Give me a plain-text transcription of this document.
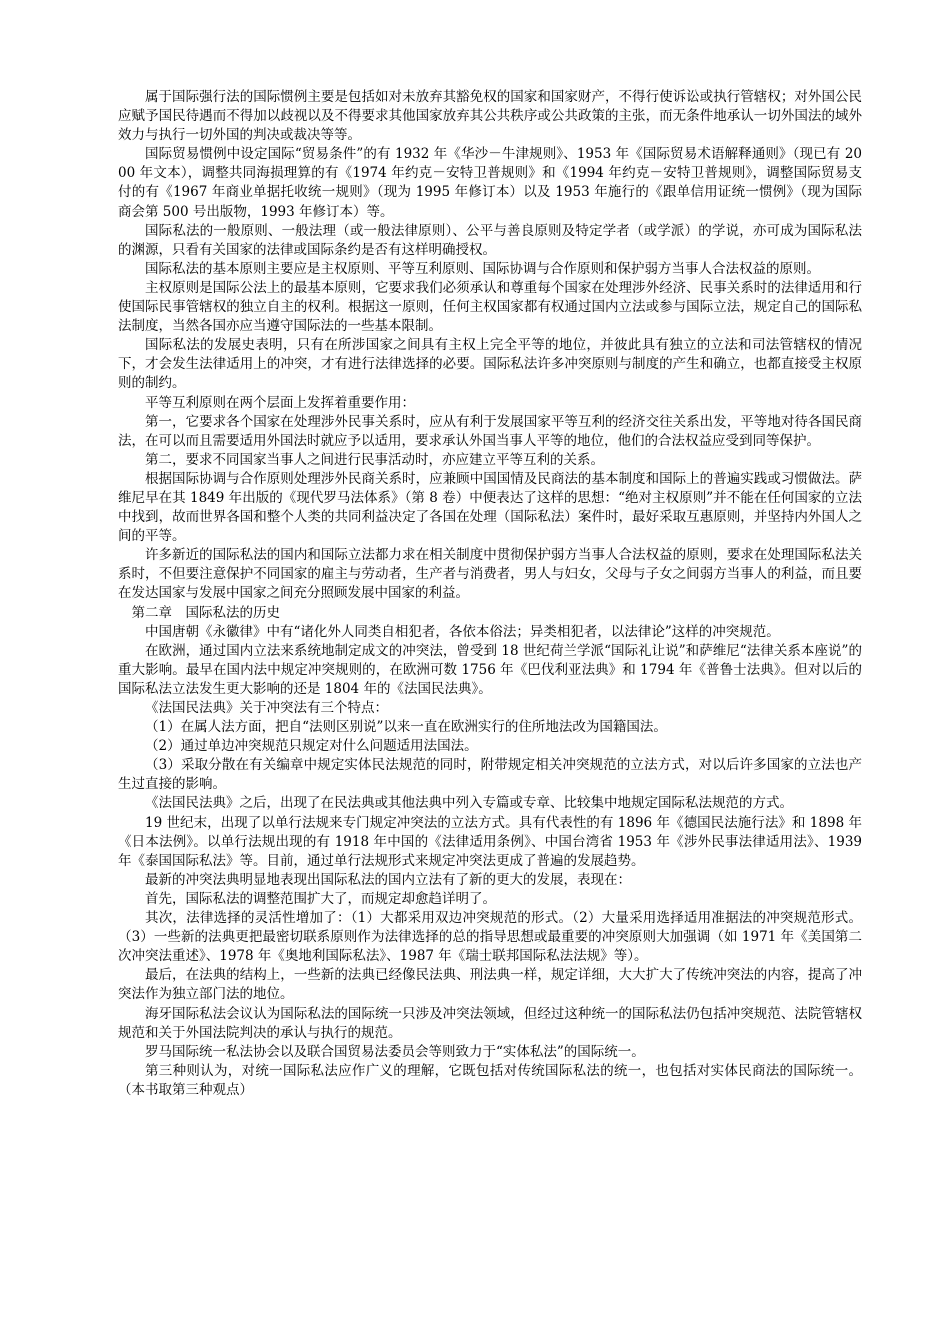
属于国际强行法的国际惯例主要是包括如对未放弃其豁免权的国家和国家财产，不得行使诉讼或执行管辖权；对外国公民应赋予国民待遇而不得加以歧视以及不得要求其他国家放弃其公共秩序或公共政策的主张，而无条件地承认一切外国法的域外效力与执行一切外国的判决或裁决等等。

国际贸易惯例中设定国际“贸易条件”的有 1932 年《华沙－牛津规则》、1953 年《国际贸易术语解释通则》（现已有 2000 年文本），调整共同海损理算的有《1974 年约克－安特卫普规则》和《1994 年约克－安特卫普规则》，调整国际贸易支付的有《1967 年商业单据托收统一规则》（现为 1995 年修订本）以及 1953 年施行的《跟单信用证统一惯例》（现为国际商会第 500 号出版物，1993 年修订本）等。

国际私法的一般原则、一般法理（或一般法律原则）、公平与善良原则及特定学者（或学派）的学说，亦可成为国际私法的渊源，只看有关国家的法律或国际条约是否有这样明确授权。

国际私法的基本原则主要应是主权原则、平等互利原则、国际协调与合作原则和保护弱方当事人合法权益的原则。

主权原则是国际公法上的最基本原则，它要求我们必须承认和尊重每个国家在处理涉外经济、民事关系时的法律适用和行使国际民事管辖权的独立自主的权利。根据这一原则，任何主权国家都有权通过国内立法或参与国际立法，规定自己的国际私法制度，当然各国亦应当遵守国际法的一些基本限制。

国际私法的发展史表明，只有在所涉国家之间具有主权上完全平等的地位，并彼此具有独立的立法和司法管辖权的情况下，才会发生法律适用上的冲突，才有进行法律选择的必要。国际私法许多冲突原则与制度的产生和确立，也都直接受主权原则的制约。

平等互利原则在两个层面上发挥着重要作用：

第一，它要求各个国家在处理涉外民事关系时，应从有利于发展国家平等互利的经济交往关系出发，平等地对待各国民商法，在可以而且需要适用外国法时就应予以适用，要求承认外国当事人平等的地位，他们的合法权益应受到同等保护。

第二，要求不同国家当事人之间进行民事活动时，亦应建立平等互利的关系。

根据国际协调与合作原则处理涉外民商关系时，应兼顾中国国情及民商法的基本制度和国际上的普遍实践或习惯做法。萨维尼早在其 1849 年出版的《现代罗马法体系》（第 8 卷）中便表达了这样的思想：“绝对主权原则”并不能在任何国家的立法中找到，故而世界各国和整个人类的共同利益决定了各国在处理（国际私法）案件时，最好采取互惠原则，并坚持内外国人之间的平等。

许多新近的国际私法的国内和国际立法都力求在相关制度中贯彻保护弱方当事人合法权益的原则，要求在处理国际私法关系时，不但要注意保护不同国家的雇主与劳动者，生产者与消费者，男人与妇女，父母与子女之间弱方当事人的利益，而且要在发达国家与发展中国家之间充分照顾发展中国家的利益。

第二章　国际私法的历史

中国唐朝《永徽律》中有“诸化外人同类自相犯者，各依本俗法；异类相犯者，以法律论”这样的冲突规范。

在欧洲，通过国内立法来系统地制定成文的冲突法，曾受到 18 世纪荷兰学派“国际礼让说”和萨维尼“法律关系本座说”的重大影响。最早在国内法中规定冲突规则的，在欧洲可数 1756 年《巴伐利亚法典》和 1794 年《普鲁士法典》。但对以后的国际私法立法发生更大影响的还是 1804 年的《法国民法典》。

《法国民法典》关于冲突法有三个特点：

（1）在属人法方面，把自“法则区别说”以来一直在欧洲实行的住所地法改为国籍国法。

（2）通过单边冲突规范只规定对什么问题适用法国法。

（3）采取分散在有关编章中规定实体民法规范的同时，附带规定相关冲突规范的立法方式，对以后许多国家的立法也产生过直接的影响。

《法国民法典》之后，出现了在民法典或其他法典中列入专篇或专章、比较集中地规定国际私法规范的方式。

19 世纪末，出现了以单行法规来专门规定冲突法的立法方式。具有代表性的有 1896 年《德国民法施行法》和 1898 年《日本法例》。以单行法规出现的有 1918 年中国的《法律适用条例》、中国台湾省 1953 年《涉外民事法律适用法》、1939 年《泰国国际私法》等。目前，通过单行法规形式来规定冲突法更成了普遍的发展趋势。

最新的冲突法典明显地表现出国际私法的国内立法有了新的更大的发展，表现在：

首先，国际私法的调整范围扩大了，而规定却愈趋详明了。

其次，法律选择的灵活性增加了：（1）大都采用双边冲突规范的形式。（2）大量采用选择适用准据法的冲突规范形式。（3）一些新的法典更把最密切联系原则作为法律选择的总的指导思想或最重要的冲突原则大加强调（如 1971 年《美国第二次冲突法重述》、1978 年《奥地利国际私法》、1987 年《瑞士联邦国际私法法规》等）。

最后，在法典的结构上，一些新的法典已经像民法典、刑法典一样，规定详细，大大扩大了传统冲突法的内容，提高了冲突法作为独立部门法的地位。

海牙国际私法会议认为国际私法的国际统一只涉及冲突法领域，但经过这种统一的国际私法仍包括冲突规范、法院管辖权规范和关于外国法院判决的承认与执行的规范。

罗马国际统一私法协会以及联合国贸易法委员会等则致力于“实体私法”的国际统一。

第三种则认为，对统一国际私法应作广义的理解，它既包括对传统国际私法的统一，也包括对实体民商法的国际统一。（本书取第三种观点）
